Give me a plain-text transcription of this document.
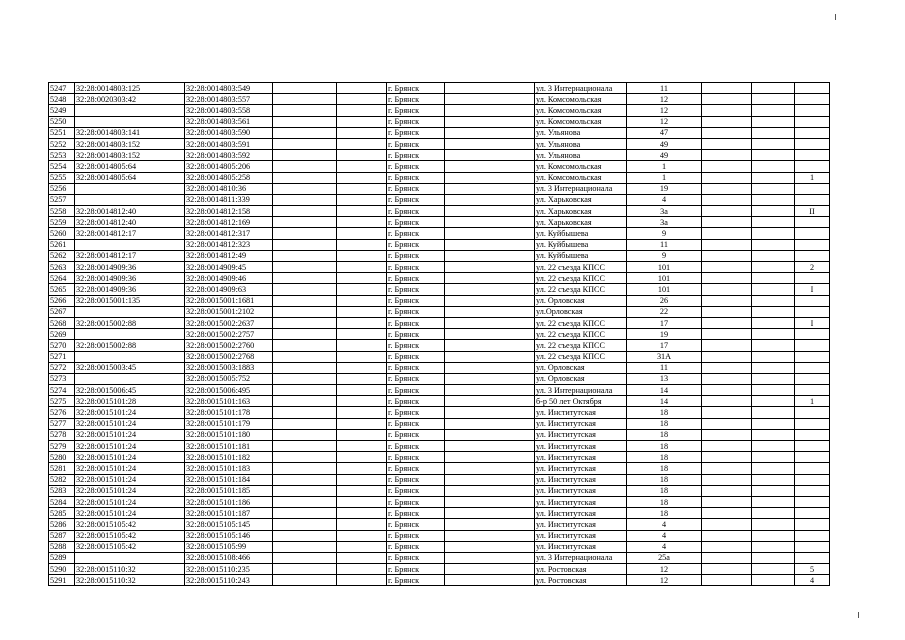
5247	32:28:0014803:125	32:28:0014803:549			г. Брянск		ул. 3 Интернационала	11			
5248	32:28:0020303:42	32:28:0014803:557			г. Брянск		ул. Комсомольская	12			
5249		32:28:0014803:558			г. Брянск		ул. Комсомольская	12			
5250		32:28:0014803:561			г. Брянск		ул. Комсомольская	12			
5251	32:28:0014803:141	32:28:0014803:590			г. Брянск		ул. Ульянова	47			
5252	32:28:0014803:152	32:28:0014803:591			г. Брянск		ул. Ульянова	49			
5253	32:28:0014803:152	32:28:0014803:592			г. Брянск		ул. Ульянова	49			
5254	32:28:0014805:64	32:28:0014805:206			г. Брянск		ул. Комсомольская	1			
5255	32:28:0014805:64	32:28:0014805:258			г. Брянск		ул. Комсомольская	1			1
5256		32:28:0014810:36			г. Брянск		ул. 3 Интернационала	19			
5257		32:28:0014811:339			г. Брянск		ул. Харьковская	4			
5258	32:28:0014812:40	32:28:0014812:158			г. Брянск		ул. Харьковская	3а			II
5259	32:28:0014812:40	32:28:0014812:169			г. Брянск		ул. Харьковская	3а			
5260	32:28:0014812:17	32:28:0014812:317			г. Брянск		ул. Куйбышева	9			
5261		32:28:0014812:323			г. Брянск		ул. Куйбышева	11			
5262	32:28:0014812:17	32:28:0014812:49			г. Брянск		ул. Куйбышева	9			
5263	32:28:0014909:36	32:28:0014909:45			г. Брянск		ул. 22 съезда КПСС	101			2
5264	32:28:0014909:36	32:28:0014909:46			г. Брянск		ул. 22 съезда КПСС	101			
5265	32:28:0014909:36	32:28:0014909:63			г. Брянск		ул. 22 съезда КПСС	101			I
5266	32:28:0015001:135	32:28:0015001:1681			г. Брянск		ул. Орловская	26			
5267		32:28:0015001:2102			г. Брянск		ул.Орловская	22			
5268	32:28:0015002:88	32:28:0015002:2637			г. Брянск		ул. 22 съезда КПСС	17			I
5269		32:28:0015002:2757			г. Брянск		ул. 22 съезда КПСС	19			
5270	32:28:0015002:88	32:28:0015002:2760			г. Брянск		ул. 22 съезда КПСС	17			
5271		32:28:0015002:2768			г. Брянск		ул. 22 съезда КПСС	31А			
5272	32:28:0015003:45	32:28:0015003:1883			г. Брянск		ул. Орловская	11			
5273		32:28:0015005:752			г. Брянск		ул. Орловская	13			
5274	32:28:0015006:45	32:28:0015006:495			г. Брянск		ул. 3 Интернационала	14			
5275	32:28:0015101:28	32:28:0015101:163			г. Брянск		б-р 50 лет Октября	14			1
5276	32:28:0015101:24	32:28:0015101:178			г. Брянск		ул. Институтская	18			
5277	32:28:0015101:24	32:28:0015101:179			г. Брянск		ул. Институтская	18			
5278	32:28:0015101:24	32:28:0015101:180			г. Брянск		ул. Институтская	18			
5279	32:28:0015101:24	32:28:0015101:181			г. Брянск		ул. Институтская	18			
5280	32:28:0015101:24	32:28:0015101:182			г. Брянск		ул. Институтская	18			
5281	32:28:0015101:24	32:28:0015101:183			г. Брянск		ул. Институтская	18			
5282	32:28:0015101:24	32:28:0015101:184			г. Брянск		ул. Институтская	18			
5283	32:28:0015101:24	32:28:0015101:185			г. Брянск		ул. Институтская	18			
5284	32:28:0015101:24	32:28:0015101:186			г. Брянск		ул. Институтская	18			
5285	32:28:0015101:24	32:28:0015101:187			г. Брянск		ул. Институтская	18			
5286	32:28:0015105:42	32:28:0015105:145			г. Брянск		ул. Институтская	4			
5287	32:28:0015105:42	32:28:0015105:146			г. Брянск		ул. Институтская	4			
5288	32:28:0015105:42	32:28:0015105:99			г. Брянск		ул. Институтская	4			
5289		32:28:0015108:466			г. Брянск		ул. 3 Интернационала	25а			
5290	32:28:0015110:32	32:28:0015110:235			г. Брянск		ул. Ростовская	12			5
5291	32:28:0015110:32	32:28:0015110:243			г. Брянск		ул. Ростовская	12			4
